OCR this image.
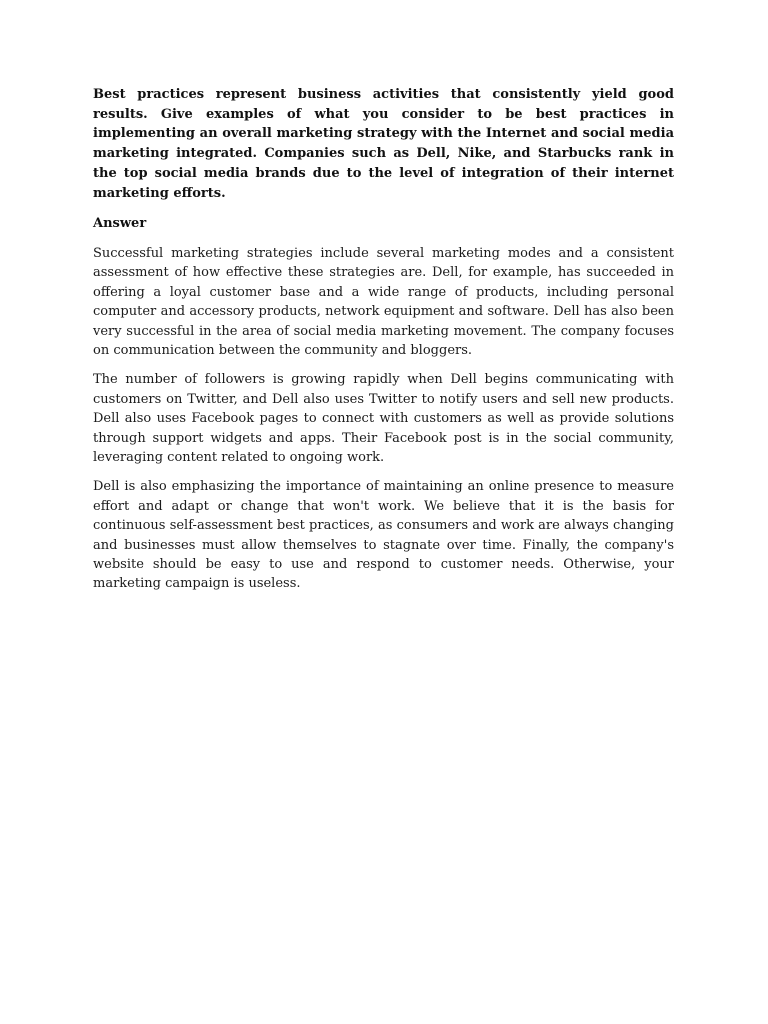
Best practices represent business activities that consistently yield good results. Give examples of what you consider to be best practices in implementing an overall marketing strategy with the Internet and social media marketing integrated. Companies such as Dell, Nike, and Starbucks rank in the top social media brands due to the level of integration of their internet marketing efforts.

Answer

Successful marketing strategies include several marketing modes and a consistent assessment of how effective these strategies are. Dell, for example, has succeeded in offering a loyal customer base and a wide range of products, including personal computer and accessory products, network equipment and software. Dell has also been very successful in the area of social media marketing movement. The company focuses on communication between the community and bloggers.

The number of followers is growing rapidly when Dell begins communicating with customers on Twitter, and Dell also uses Twitter to notify users and sell new products. Dell also uses Facebook pages to connect with customers as well as provide solutions through support widgets and apps. Their Facebook post is in the social community, leveraging content related to ongoing work.

Dell is also emphasizing the importance of maintaining an online presence to measure effort and adapt or change that won't work. We believe that it is the basis for continuous self-assessment best practices, as consumers and work are always changing and businesses must allow themselves to stagnate over time. Finally, the company's website should be easy to use and respond to customer needs. Otherwise, your marketing campaign is useless.
